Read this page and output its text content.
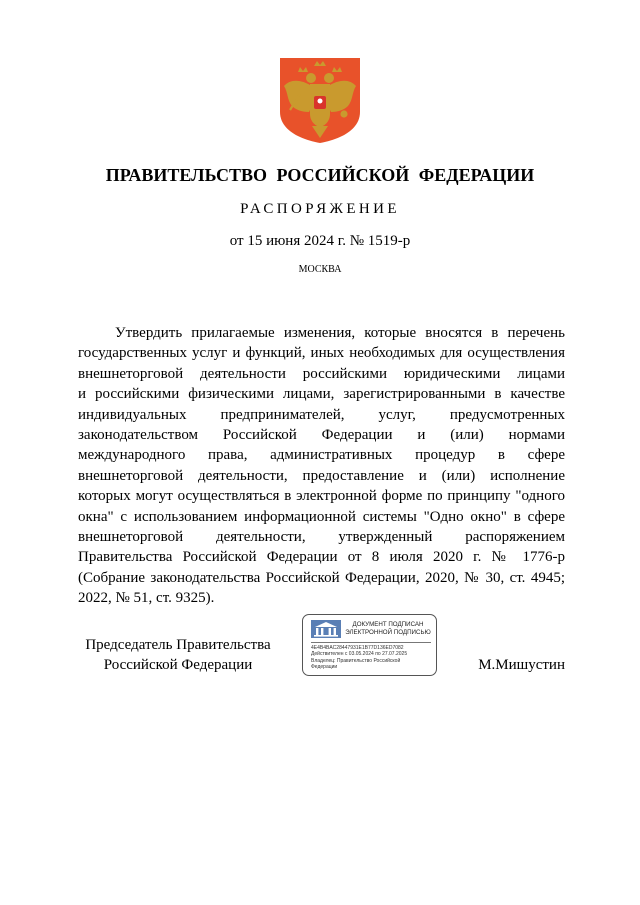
ПРАВИТЕЛЬСТВО РОССИЙСКОЙ ФЕДЕРАЦИИ
РАСПОРЯЖЕНИЕ
от 15 июня 2024 г. № 1519-р
МОСКВА
Утвердить прилагаемые изменения, которые вносятся в перечень
государственных услуг и функций, иных необходимых для осуществления
внешнеторговой деятельности российскими юридическими лицами
и российскими физическими лицами, зарегистрированными в качестве
индивидуальных предпринимателей, услуг, предусмотренных
законодательством Российской Федерации и (или) нормами
международного права, административных процедур в сфере
внешнеторговой деятельности, предоставление и (или) исполнение
которых могут осуществляться в электронной форме по принципу "одного
окна" с использованием информационной системы "Одно окно" в сфере
внешнеторговой деятельности, утвержденный распоряжением
Правительства Российской Федерации от 8 июля 2020 г. № 1776-р
(Собрание законодательства Российской Федерации, 2020, № 30, ст. 4945;
2022, № 51, ст. 9325).
Председатель Правительства
Российской Федерации
ДОКУМЕНТ ПОДПИСАН
ЭЛЕКТРОННОЙ ПОДПИСЬЮ
4E4B4BAC28447931E1B77D136ED7082
Действителен с 03.05.2024 по 27.07.2025
Владелец: Правительство Российской
Федерации	М.Мишустин
